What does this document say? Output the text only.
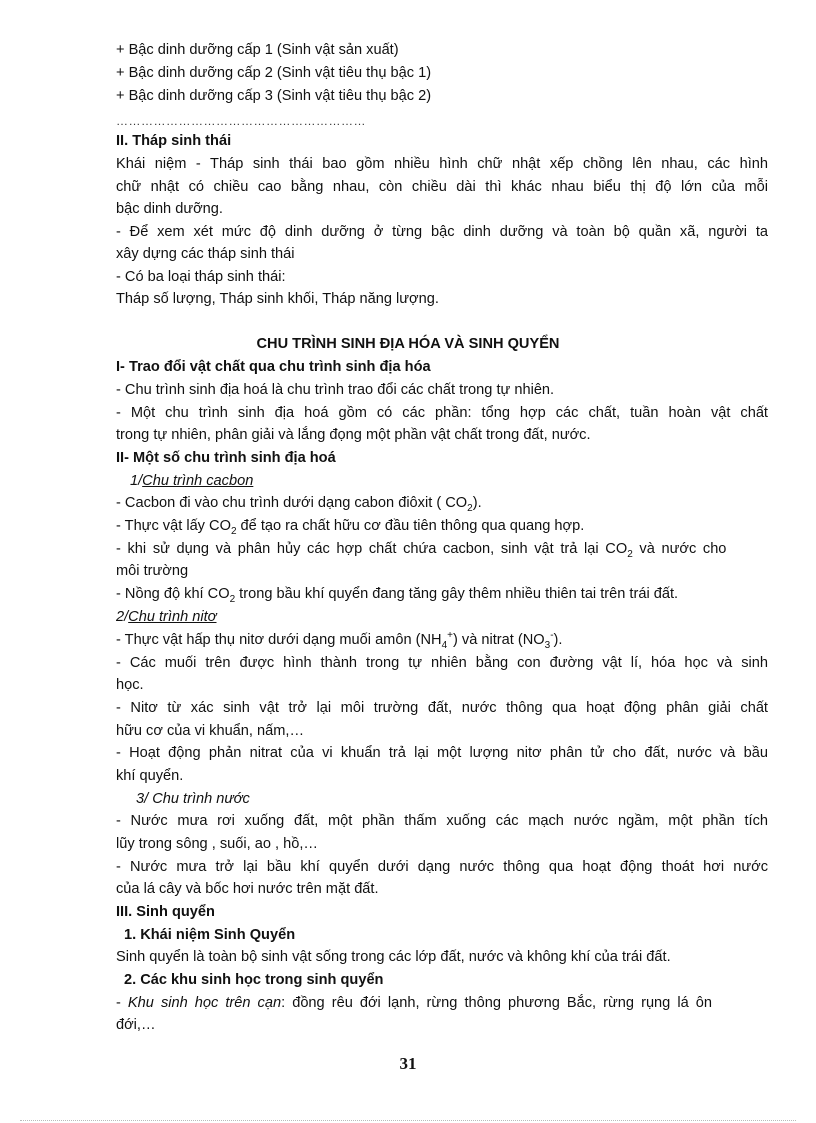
+ Bậc dinh dưỡng cấp 1 (Sinh vật sản xuất)

+ Bậc dinh dưỡng cấp 2 (Sinh vật tiêu thụ bậc 1)

+ Bậc dinh dưỡng cấp 3 (Sinh vật tiêu thụ bậc 2)

……………………………………………………

II. Tháp sinh thái

Khái niệm - Tháp sinh thái bao gồm nhiều hình chữ nhật xếp chồng lên nhau, các hình

chữ nhật có chiều cao bằng nhau, còn chiều dài thì khác nhau biểu thị độ lớn của mỗi

bậc dinh dưỡng.

- Để xem xét mức độ dinh dưỡng ở từng bậc dinh dưỡng và toàn bộ quần xã, người ta

xây dựng các tháp sinh thái

- Có ba loại tháp sinh thái:

Tháp số lượng, Tháp sinh khối, Tháp năng lượng.

CHU TRÌNH SINH ĐỊA HÓA VÀ SINH QUYỂN

I- Trao đổi vật chất qua chu trình sinh địa hóa

- Chu trình sinh địa hoá là chu trình trao đổi các chất trong tự nhiên.

- Một chu trình sinh địa hoá gồm có các phần: tổng hợp các chất, tuần hoàn vật chất

trong tự nhiên, phân giải và lắng đọng một phần vật chất trong đất, nước.

II- Một số chu trình sinh địa hoá

1/Chu trình cacbon

- Cacbon đi vào chu trình dưới dạng cabon điôxit ( $CO_2$).

- Thực vật lấy $CO_2$ để tạo ra chất hữu cơ đầu tiên thông qua quang hợp.

- khi sử dụng và phân hủy các hợp chất chứa cacbon, sinh vật trả lại $CO_2$ và nước cho

môi trường

- Nồng độ khí $CO_2$ trong bầu khí quyển đang tăng gây thêm nhiều thiên tai trên trái đất.

2/Chu trình nitơ

- Thực vật hấp thụ nitơ dưới dạng muối amôn $(NH_4^+)$ và nitrat $(NO_3^-)$.

- Các muối trên được hình thành trong tự nhiên bằng con đường vật lí, hóa học và sinh

học.

- Nitơ từ xác sinh vật trở lại môi trường đất, nước thông qua hoạt động phân giải chất

hữu cơ của vi khuẩn, nấm,…

- Hoạt động phản nitrat của vi khuẩn trả lại một lượng nitơ phân tử cho đất, nước và bầu

khí quyển.

3/ Chu trình nước

- Nước mưa rơi xuống đất, một phần thấm xuống các mạch nước ngầm, một phần tích

lũy trong sông , suối, ao , hồ,…

- Nước mưa trở lại bầu khí quyển dưới dạng nước thông qua hoạt động thoát hơi nước

của lá cây và bốc hơi nước trên mặt đất.

III. Sinh quyển

1. Khái niệm Sinh Quyển

Sinh quyển là toàn bộ sinh vật sống trong các lớp đất, nước và không khí của trái đất.

2. Các khu sinh học trong sinh quyển

- Khu sinh học trên cạn: đồng rêu đới lạnh, rừng thông phương Bắc, rừng rụng lá ôn

đới,…

31
